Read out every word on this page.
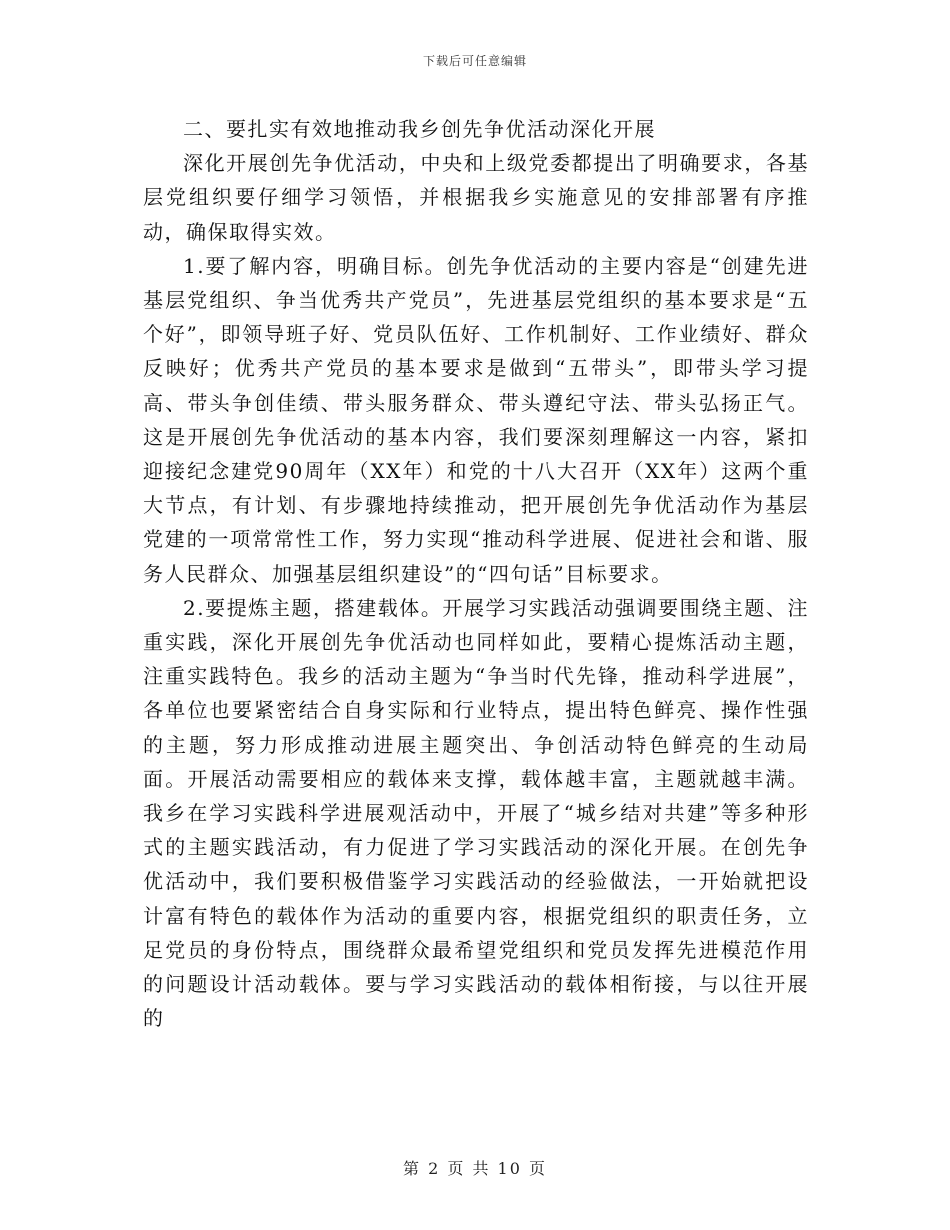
下载后可任意编辑

二、要扎实有效地推动我乡创先争优活动深化开展

深化开展创先争优活动，中央和上级党委都提出了明确要求，各基层党组织要仔细学习领悟，并根据我乡实施意见的安排部署有序推动，确保取得实效。

1.要了解内容，明确目标。创先争优活动的主要内容是“创建先进基层党组织、争当优秀共产党员”，先进基层党组织的基本要求是“五个好”，即领导班子好、党员队伍好、工作机制好、工作业绩好、群众反映好；优秀共产党员的基本要求是做到“五带头”，即带头学习提高、带头争创佳绩、带头服务群众、带头遵纪守法、带头弘扬正气。这是开展创先争优活动的基本内容，我们要深刻理解这一内容，紧扣迎接纪念建党90周年（XX年）和党的十八大召开（XX年）这两个重大节点，有计划、有步骤地持续推动，把开展创先争优活动作为基层党建的一项常常性工作，努力实现“推动科学进展、促进社会和谐、服务人民群众、加强基层组织建设”的“四句话”目标要求。

2.要提炼主题，搭建载体。开展学习实践活动强调要围绕主题、注重实践，深化开展创先争优活动也同样如此，要精心提炼活动主题，注重实践特色。我乡的活动主题为“争当时代先锋，推动科学进展”，各单位也要紧密结合自身实际和行业特点，提出特色鲜亮、操作性强的主题，努力形成推动进展主题突出、争创活动特色鲜亮的生动局面。开展活动需要相应的载体来支撑，载体越丰富，主题就越丰满。我乡在学习实践科学进展观活动中，开展了“城乡结对共建”等多种形式的主题实践活动，有力促进了学习实践活动的深化开展。在创先争优活动中，我们要积极借鉴学习实践活动的经验做法，一开始就把设计富有特色的载体作为活动的重要内容，根据党组织的职责任务，立足党员的身份特点，围绕群众最希望党组织和党员发挥先进模范作用的问题设计活动载体。要与学习实践活动的载体相衔接，与以往开展的

第 2 页 共 10 页
